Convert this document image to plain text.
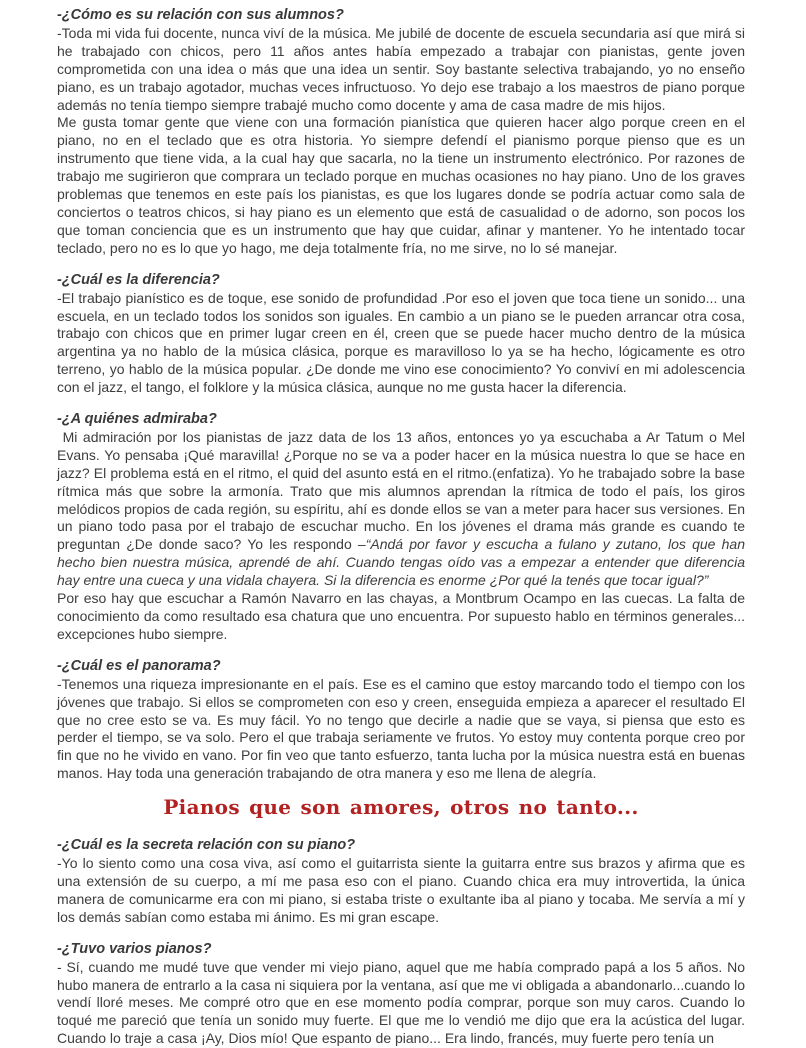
-¿Cómo es su relación con sus alumnos?

-Toda mi vida fui docente, nunca viví de la música. Me jubilé de docente de escuela secundaria así que mirá si he trabajado con chicos, pero 11 años antes había empezado a trabajar con pianistas, gente joven comprometida con una idea o más que una idea un sentir. Soy bastante selectiva trabajando, yo no enseño piano, es un trabajo agotador, muchas veces infructuoso. Yo dejo ese trabajo a los maestros de piano porque además no tenía tiempo siempre trabajé mucho como docente y ama de casa madre de mis hijos.

Me gusta tomar gente que viene con una formación pianística que quieren hacer algo porque creen en el piano, no en el teclado que es otra historia. Yo siempre defendí el pianismo porque pienso que es un instrumento que tiene vida, a la cual hay que sacarla, no la tiene un instrumento electrónico. Por razones de trabajo me sugirieron que comprara un teclado porque en muchas ocasiones no hay piano. Uno de los graves problemas que tenemos en este país los pianistas, es que los lugares donde se podría actuar como sala de conciertos o teatros chicos, si hay piano es un elemento que está de casualidad o de adorno, son pocos los que toman conciencia que es un instrumento que hay que cuidar, afinar y mantener. Yo he intentado tocar teclado, pero no es lo que yo hago, me deja totalmente fría, no me sirve, no lo sé manejar.

-¿Cuál es la diferencia?

-El trabajo pianístico es de toque, ese sonido de profundidad .Por eso el joven que toca tiene un sonido... una escuela, en un teclado todos los sonidos son iguales. En cambio a un piano se le pueden arrancar otra cosa, trabajo con chicos que en primer lugar creen en él, creen que se puede hacer mucho dentro de la música argentina ya no hablo de la música clásica, porque es maravilloso lo ya se ha hecho, lógicamente es otro terreno, yo hablo de la música popular. ¿De donde me vino ese conocimiento? Yo conviví en mi adolescencia con el jazz, el tango, el folklore y la música clásica, aunque no me gusta hacer la diferencia.

-¿A quiénes admiraba?

Mi admiración por los pianistas de jazz data de los 13 años, entonces yo ya escuchaba a Ar Tatum o Mel Evans. Yo pensaba ¡Qué maravilla! ¿Porque no se va a poder hacer en la música nuestra lo que se hace en jazz? El problema está en el ritmo, el quid del asunto está en el ritmo.(enfatiza). Yo he trabajado sobre la base rítmica más que sobre la armonía. Trato que mis alumnos aprendan la rítmica de todo el país, los giros melódicos propios de cada región, su espíritu, ahí es donde ellos se van a meter para hacer sus versiones. En un piano todo pasa por el trabajo de escuchar mucho. En los jóvenes el drama más grande es cuando te preguntan ¿De donde saco? Yo les respondo –“Andá por favor y escucha a fulano y zutano, los que han hecho bien nuestra música, aprendé de ahí. Cuando tengas oído vas a empezar a entender que diferencia hay entre una cueca y una vidala chayera. Si la diferencia es enorme ¿Por qué la tenés que tocar igual?”

Por eso hay que escuchar a Ramón Navarro en las chayas, a Montbrum Ocampo en las cuecas. La falta de conocimiento da como resultado esa chatura que uno encuentra. Por supuesto hablo en términos generales... excepciones hubo siempre.

-¿Cuál es el panorama?

-Tenemos una riqueza impresionante en el país. Ese es el camino que estoy marcando todo el tiempo con los jóvenes que trabajo. Si ellos se comprometen con eso y creen, enseguida empieza a aparecer el resultado El que no cree esto se va. Es muy fácil. Yo no tengo que decirle a nadie que se vaya, si piensa que esto es perder el tiempo, se va solo. Pero el que trabaja seriamente ve frutos. Yo estoy muy contenta porque creo por fin que no he vivido en vano. Por fin veo que tanto esfuerzo, tanta lucha por la música nuestra está en buenas manos. Hay toda una generación trabajando de otra manera y eso me llena de alegría.

Pianos que son amores, otros no tanto...
-¿Cuál es la secreta relación con su piano?

-Yo lo siento como una cosa viva, así como el guitarrista siente la guitarra entre sus brazos y afirma que es una extensión de su cuerpo, a mí me pasa eso con el piano. Cuando chica era muy introvertida, la única manera de comunicarme era con mi piano, si estaba triste o exultante iba al piano y tocaba. Me servía a mí y los demás sabían como estaba mi ánimo. Es mi gran escape.

-¿Tuvo varios pianos?

- Sí, cuando me mudé tuve que vender mi viejo piano, aquel que me había comprado papá a los 5 años. No hubo manera de entrarlo a la casa ni siquiera por la ventana, así que me vi obligada a abandonarlo...cuando lo vendí lloré meses. Me compré otro que en ese momento podía comprar, porque son muy caros. Cuando lo toqué me pareció que tenía un sonido muy fuerte. El que me lo vendió me dijo que era la acústica del lugar. Cuando lo traje a casa ¡Ay, Dios mío! Que espanto de piano... Era lindo, francés, muy fuerte pero tenía un
